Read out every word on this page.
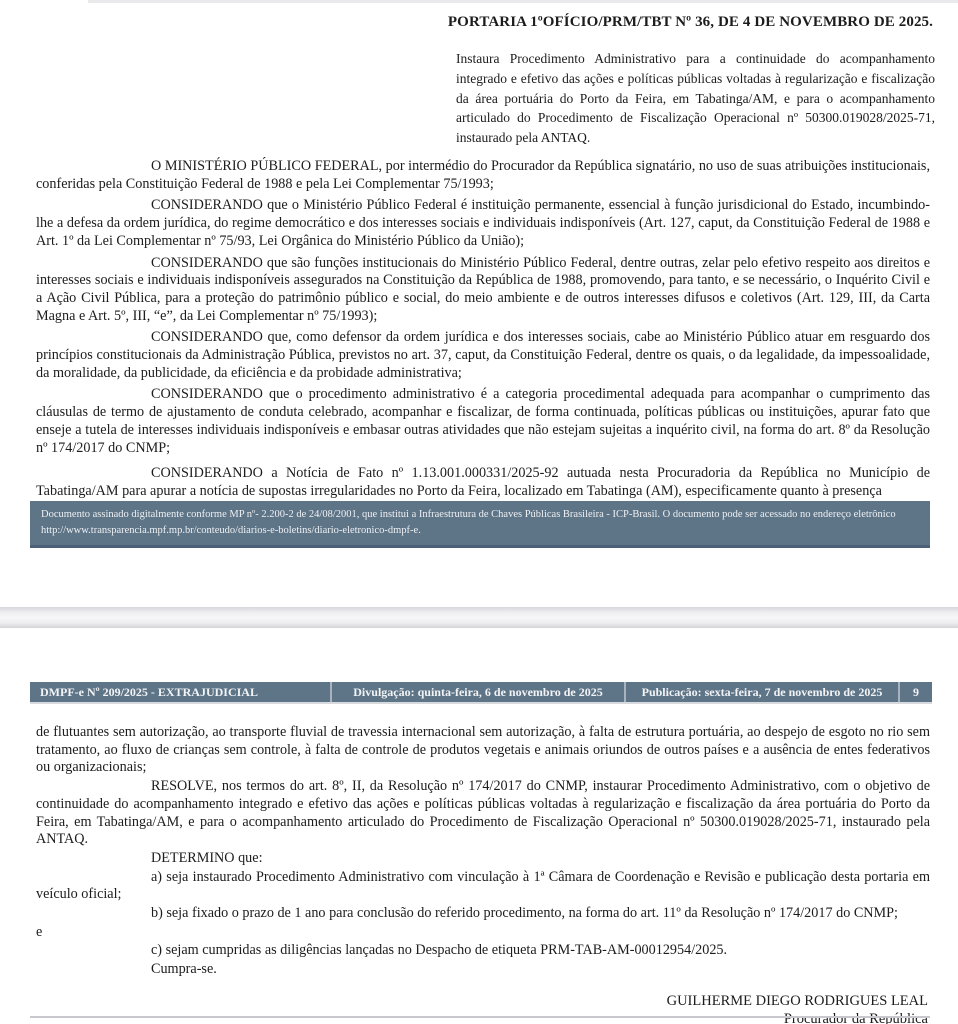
PORTARIA 1ºOFÍCIO/PRM/TBT Nº 36, DE 4 DE NOVEMBRO DE 2025.

Instaura Procedimento Administrativo para a continuidade do acompanhamento integrado e efetivo das ações e políticas públicas voltadas à regularização e fiscalização da área portuária do Porto da Feira, em Tabatinga/AM, e para o acompanhamento articulado do Procedimento de Fiscalização Operacional nº 50300.019028/2025-71, instaurado pela ANTAQ.

O MINISTÉRIO PÚBLICO FEDERAL, por intermédio do Procurador da República signatário, no uso de suas atribuições institucionais, conferidas pela Constituição Federal de 1988 e pela Lei Complementar 75/1993;

CONSIDERANDO que o Ministério Público Federal é instituição permanente, essencial à função jurisdicional do Estado, incumbindo-lhe a defesa da ordem jurídica, do regime democrático e dos interesses sociais e individuais indisponíveis (Art. 127, caput, da Constituição Federal de 1988 e Art. 1º da Lei Complementar nº 75/93, Lei Orgânica do Ministério Público da União);

CONSIDERANDO que são funções institucionais do Ministério Público Federal, dentre outras, zelar pelo efetivo respeito aos direitos e interesses sociais e individuais indisponíveis assegurados na Constituição da República de 1988, promovendo, para tanto, e se necessário, o Inquérito Civil e a Ação Civil Pública, para a proteção do patrimônio público e social, do meio ambiente e de outros interesses difusos e coletivos (Art. 129, III, da Carta Magna e Art. 5º, III, “e”, da Lei Complementar nº 75/1993);

CONSIDERANDO que, como defensor da ordem jurídica e dos interesses sociais, cabe ao Ministério Público atuar em resguardo dos princípios constitucionais da Administração Pública, previstos no art. 37, caput, da Constituição Federal, dentre os quais, o da legalidade, da impessoalidade, da moralidade, da publicidade, da eficiência e da probidade administrativa;

CONSIDERANDO que o procedimento administrativo é a categoria procedimental adequada para acompanhar o cumprimento das cláusulas de termo de ajustamento de conduta celebrado, acompanhar e fiscalizar, de forma continuada, políticas públicas ou instituições, apurar fato que enseje a tutela de interesses individuais indisponíveis e embasar outras atividades que não estejam sujeitas a inquérito civil, na forma do art. 8º da Resolução nº 174/2017 do CNMP;

CONSIDERANDO a Notícia de Fato nº 1.13.001.000331/2025-92 autuada nesta Procuradoria da República no Município de Tabatinga/AM para apurar a notícia de supostas irregularidades no Porto da Feira, localizado em Tabatinga (AM), especificamente quanto à presença

Documento assinado digitalmente conforme MP nº- 2.200-2 de 24/08/2001, que institui a Infraestrutura de Chaves Públicas Brasileira - ICP-Brasil. O documento pode ser acessado no endereço eletrônico http://www.transparencia.mpf.mp.br/conteudo/diarios-e-boletins/diario-eletronico-dmpf-e.
DMPF-e Nº 209/2025 - EXTRAJUDICIAL	Divulgação: quinta-feira, 6 de novembro de 2025	Publicação: sexta-feira, 7 de novembro de 2025	9

de flutuantes sem autorização, ao transporte fluvial de travessia internacional sem autorização, à falta de estrutura portuária, ao despejo de esgoto no rio sem tratamento, ao fluxo de crianças sem controle, à falta de controle de produtos vegetais e animais oriundos de outros países e a ausência de entes federativos ou organizacionais;

RESOLVE, nos termos do art. 8º, II, da Resolução nº 174/2017 do CNMP, instaurar Procedimento Administrativo, com o objetivo de continuidade do acompanhamento integrado e efetivo das ações e políticas públicas voltadas à regularização e fiscalização da área portuária do Porto da Feira, em Tabatinga/AM, e para o acompanhamento articulado do Procedimento de Fiscalização Operacional nº 50300.019028/2025-71, instaurado pela ANTAQ.

DETERMINO que:

a) seja instaurado Procedimento Administrativo com vinculação à 1ª Câmara de Coordenação e Revisão e publicação desta portaria em veículo oficial;

b) seja fixado o prazo de 1 ano para conclusão do referido procedimento, na forma do art. 11º da Resolução nº 174/2017 do CNMP;

e

c) sejam cumpridas as diligências lançadas no Despacho de etiqueta PRM-TAB-AM-00012954/2025.

Cumpra-se.

GUILHERME DIEGO RODRIGUES LEAL
